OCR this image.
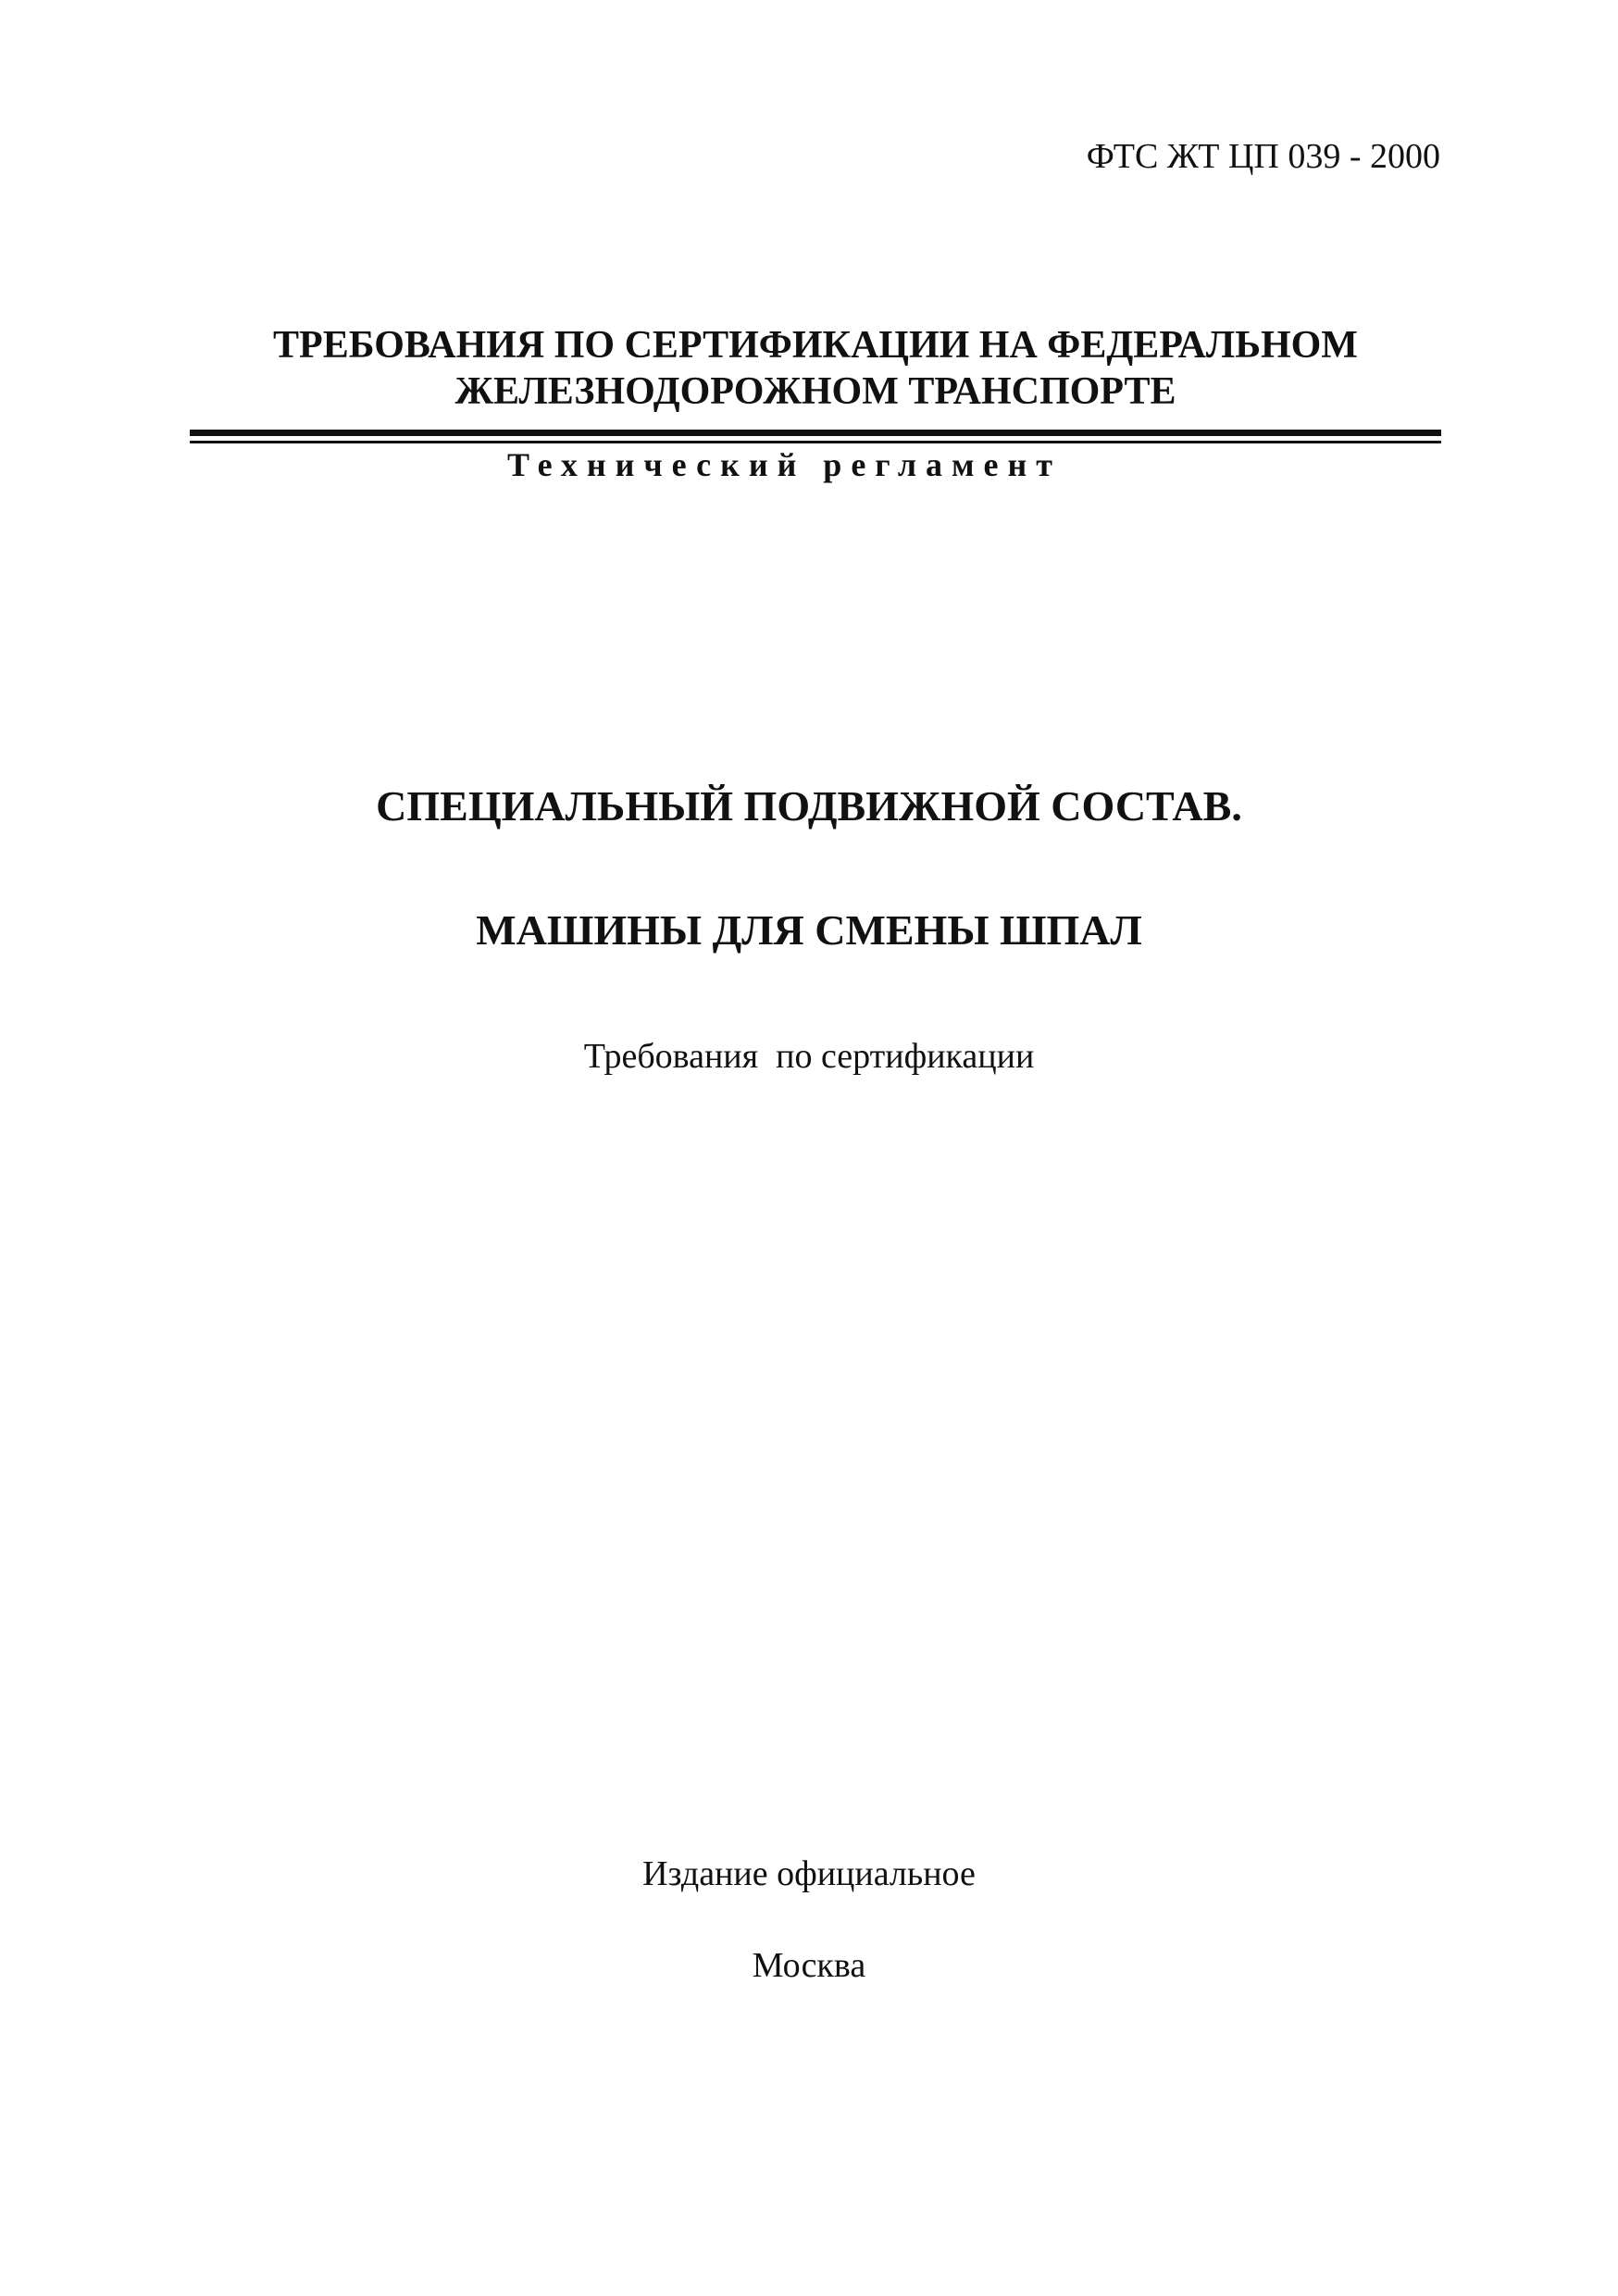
ФТС ЖТ ЦП 039 - 2000
ТРЕБОВАНИЯ ПО СЕРТИФИКАЦИИ НА ФЕДЕРАЛЬНОМ
ЖЕЛЕЗНОДОРОЖНОМ ТРАНСПОРТЕ
Технический регламент
СПЕЦИАЛЬНЫЙ ПОДВИЖНОЙ СОСТАВ.
МАШИНЫ ДЛЯ СМЕНЫ ШПАЛ
Требования  по сертификации
Издание официальное
Москва
